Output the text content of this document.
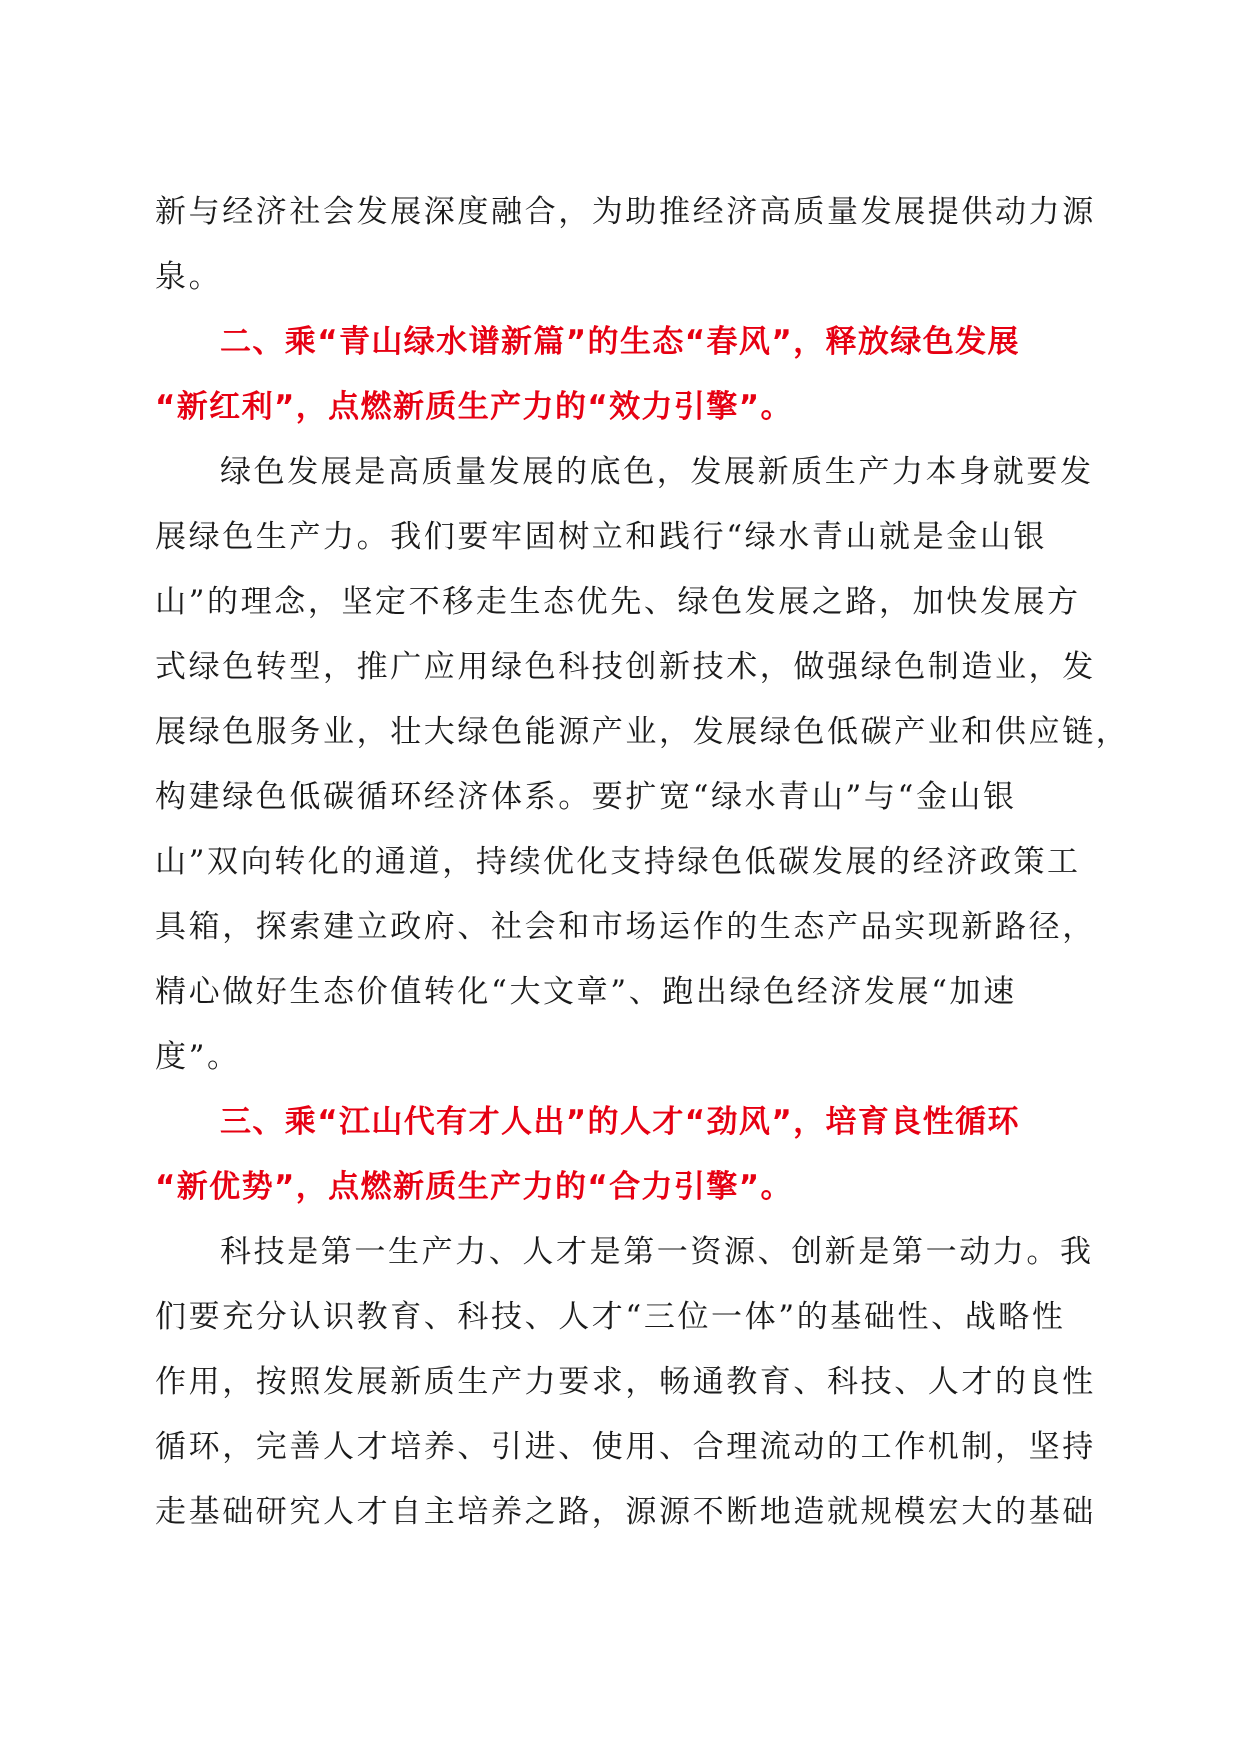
新与经济社会发展深度融合，为助推经济高质量发展提供动力源
泉。
二、乘“青山绿水谱新篇”的生态“春风”，释放绿色发展
“新红利”，点燃新质生产力的“效力引擎”。
绿色发展是高质量发展的底色，发展新质生产力本身就要发
展绿色生产力。我们要牢固树立和践行“绿水青山就是金山银
山”的理念，坚定不移走生态优先、绿色发展之路，加快发展方
式绿色转型，推广应用绿色科技创新技术，做强绿色制造业，发
展绿色服务业，壮大绿色能源产业，发展绿色低碳产业和供应链，
构建绿色低碳循环经济体系。要扩宽“绿水青山”与“金山银
山”双向转化的通道，持续优化支持绿色低碳发展的经济政策工
具箱，探索建立政府、社会和市场运作的生态产品实现新路径，
精心做好生态价值转化“大文章”、跑出绿色经济发展“加速
度”。
三、乘“江山代有才人出”的人才“劲风”，培育良性循环
“新优势”，点燃新质生产力的“合力引擎”。
科技是第一生产力、人才是第一资源、创新是第一动力。我
们要充分认识教育、科技、人才“三位一体”的基础性、战略性
作用，按照发展新质生产力要求，畅通教育、科技、人才的良性
循环，完善人才培养、引进、使用、合理流动的工作机制，坚持
走基础研究人才自主培养之路，源源不断地造就规模宏大的基础
